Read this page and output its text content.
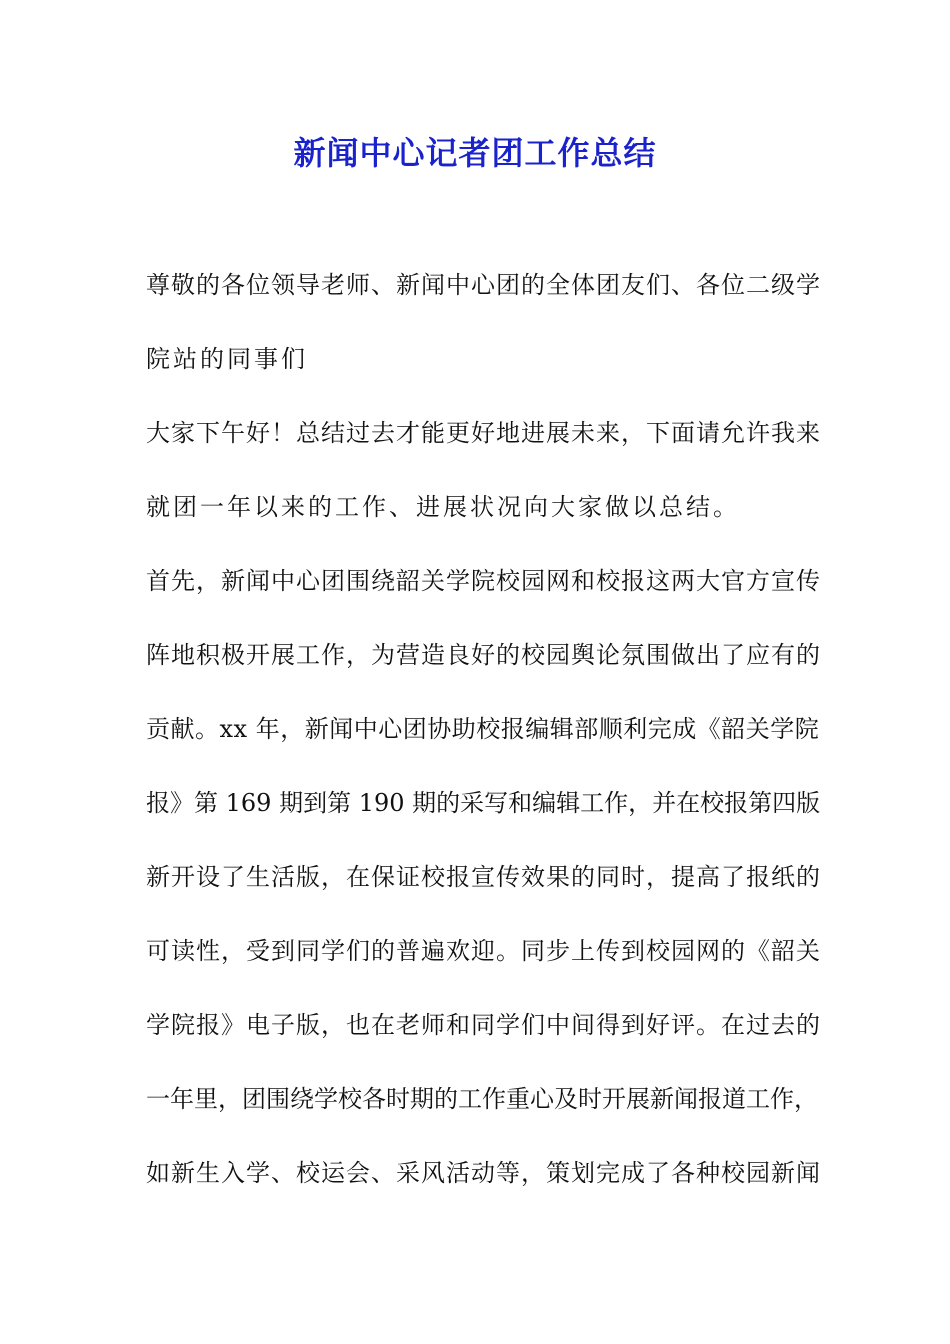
新闻中心记者团工作总结

尊敬的各位领导老师、新闻中心团的全体团友们、各位二级学

院站的同事们

大家下午好！总结过去才能更好地进展未来，下面请允许我来

就团一年以来的工作、进展状况向大家做以总结。

首先，新闻中心团围绕韶关学院校园网和校报这两大官方宣传

阵地积极开展工作，为营造良好的校园舆论氛围做出了应有的

贡献。xx 年，新闻中心团协助校报编辑部顺利完成《韶关学院

报》第 169 期到第 190 期的采写和编辑工作，并在校报第四版

新开设了生活版，在保证校报宣传效果的同时，提高了报纸的

可读性，受到同学们的普遍欢迎。同步上传到校园网的《韶关

学院报》电子版，也在老师和同学们中间得到好评。在过去的

一年里，团围绕学校各时期的工作重心及时开展新闻报道工作，

如新生入学、校运会、采风活动等，策划完成了各种校园新闻
